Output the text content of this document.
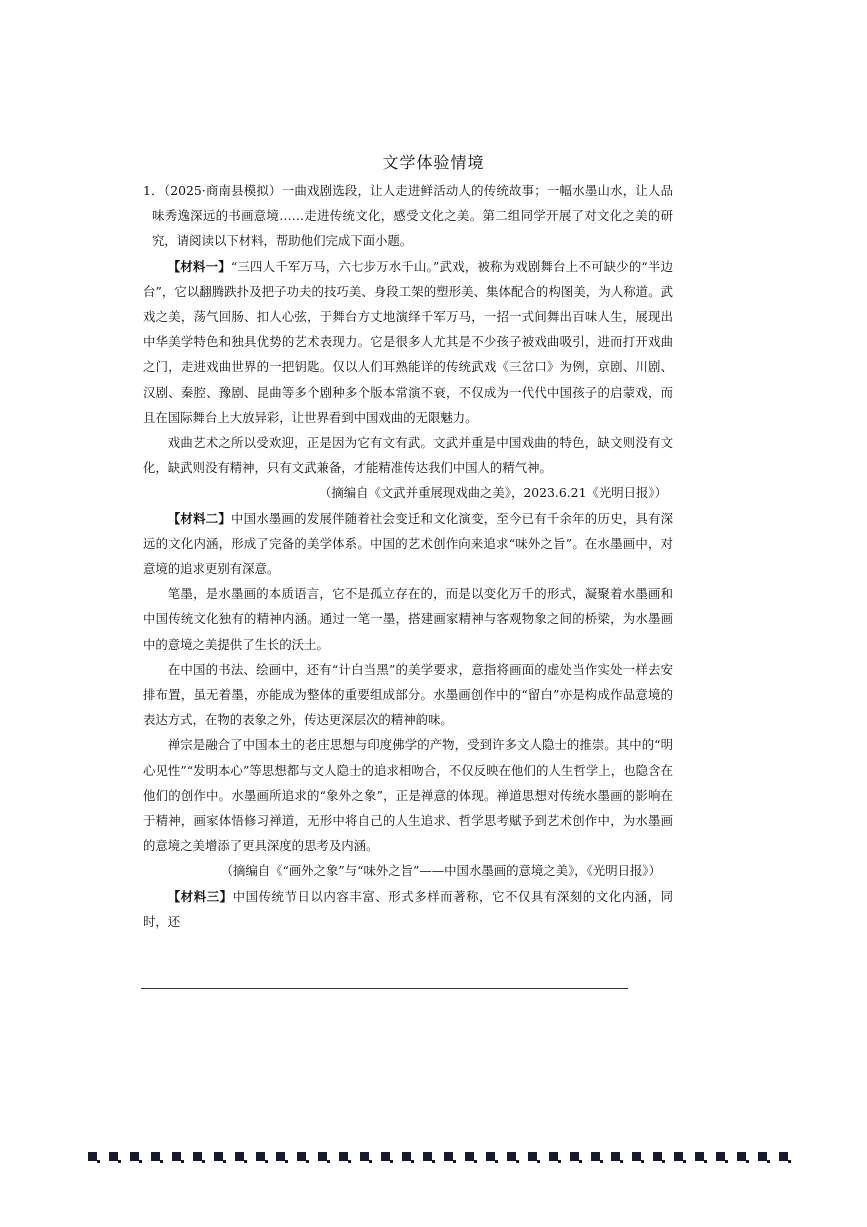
文学体验情境

1．（2025·商南县模拟）一曲戏剧选段，让人走进鲜活动人的传统故事；一幅水墨山水，让人品味秀逸深远的书画意境……走进传统文化，感受文化之美。第二组同学开展了对文化之美的研究，请阅读以下材料，帮助他们完成下面小题。

【材料一】“三四人千军万马，六七步万水千山。”武戏，被称为戏剧舞台上不可缺少的“半边台”，它以翻腾跌扑及把子功夫的技巧美、身段工架的塑形美、集体配合的构图美，为人称道。武戏之美，荡气回肠、扣人心弦，于舞台方丈地演绎千军万马，一招一式间舞出百味人生，展现出中华美学特色和独具优势的艺术表现力。它是很多人尤其是不少孩子被戏曲吸引，进而打开戏曲之门，走进戏曲世界的一把钥匙。仅以人们耳熟能详的传统武戏《三岔口》为例，京剧、川剧、汉剧、秦腔、豫剧、昆曲等多个剧种多个版本常演不衰，不仅成为一代代中国孩子的启蒙戏，而且在国际舞台上大放异彩，让世界看到中国戏曲的无限魅力。

戏曲艺术之所以受欢迎，正是因为它有文有武。文武并重是中国戏曲的特色，缺文则没有文化，缺武则没有精神，只有文武兼备，才能精准传达我们中国人的精气神。

（摘编自《文武并重展现戏曲之美》，2023.6.21《光明日报》）

【材料二】中国水墨画的发展伴随着社会变迁和文化演变，至今已有千余年的历史，具有深远的文化内涵，形成了完备的美学体系。中国的艺术创作向来追求“味外之旨”。在水墨画中，对意境的追求更别有深意。

笔墨，是水墨画的本质语言，它不是孤立存在的，而是以变化万千的形式，凝聚着水墨画和中国传统文化独有的精神内涵。通过一笔一墨，搭建画家精神与客观物象之间的桥梁，为水墨画中的意境之美提供了生长的沃土。

在中国的书法、绘画中，还有“计白当黑”的美学要求，意指将画面的虚处当作实处一样去安排布置，虽无着墨，亦能成为整体的重要组成部分。水墨画创作中的“留白”亦是构成作品意境的表达方式，在物的表象之外，传达更深层次的精神韵味。

禅宗是融合了中国本土的老庄思想与印度佛学的产物，受到许多文人隐士的推崇。其中的“明心见性”“发明本心”等思想都与文人隐士的追求相吻合，不仅反映在他们的人生哲学上，也隐含在他们的创作中。水墨画所追求的“象外之象”，正是禅意的体现。禅道思想对传统水墨画的影响在于精神，画家体悟修习禅道，无形中将自己的人生追求、哲学思考赋予到艺术创作中，为水墨画的意境之美增添了更具深度的思考及内涵。

（摘编自《“画外之象”与“味外之旨”——中国水墨画的意境之美》，《光明日报》）

【材料三】中国传统节日以内容丰富、形式多样而著称，它不仅具有深刻的文化内涵，同时，还
